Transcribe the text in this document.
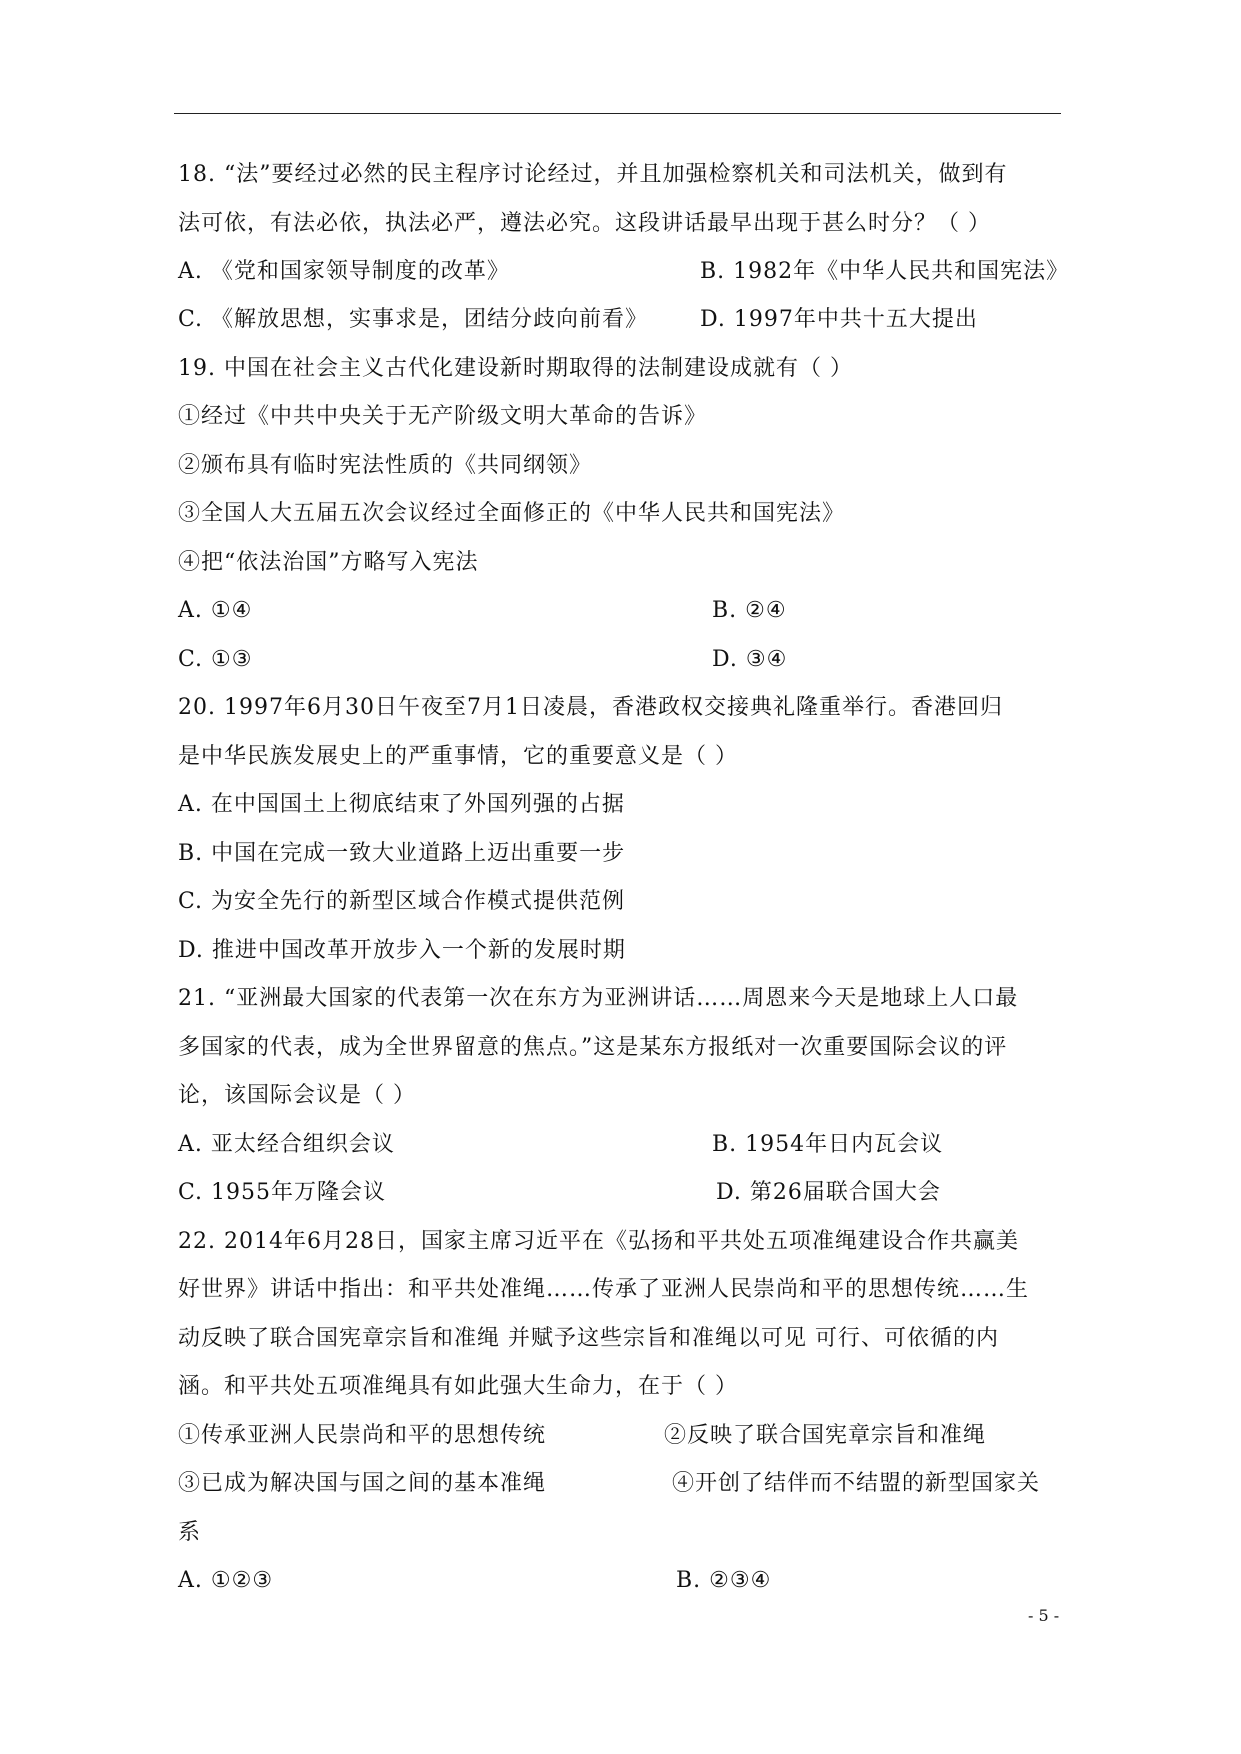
18. “法”要经过必然的民主程序讨论经过，并且加强检察机关和司法机关，做到有
法可依，有法必依，执法必严，遵法必究。这段讲话最早出现于甚么时分？（ ）
A. 《党和国家领导制度的改革》	B. 1982年《中华人民共和国宪法》
C. 《解放思想，实事求是，团结分歧向前看》 D. 1997年中共十五大提出
19. 中国在社会主义古代化建设新时期取得的法制建设成就有（ ）
①经过《中共中央关于无产阶级文明大革命的告诉》
②颁布具有临时宪法性质的《共同纲领》
③全国人大五届五次会议经过全面修正的《中华人民共和国宪法》
④把“依法治国”方略写入宪法
A. ①④	B. ②④
C. ①③	D. ③④
20. 1997年6月30日午夜至7月1日凌晨，香港政权交接典礼隆重举行。香港回归
是中华民族发展史上的严重事情，它的重要意义是（ ）
A. 在中国国土上彻底结束了外国列强的占据
B. 中国在完成一致大业道路上迈出重要一步
C. 为安全先行的新型区域合作模式提供范例
D. 推进中国改革开放步入一个新的发展时期
21. “亚洲最大国家的代表第一次在东方为亚洲讲话……周恩来今天是地球上人口最
多国家的代表，成为全世界留意的焦点。”这是某东方报纸对一次重要国际会议的评
论，该国际会议是（ ）
A. 亚太经合组织会议	B. 1954年日内瓦会议
C. 1955年万隆会议	D. 第26届联合国大会
22. 2014年6月28日，国家主席习近平在《弘扬和平共处五项准绳建设合作共赢美
好世界》讲话中指出：和平共处准绳……传承了亚洲人民崇尚和平的思想传统……生
动反映了联合国宪章宗旨和准绳 并赋予这些宗旨和准绳以可见 可行、可依循的内
涵。和平共处五项准绳具有如此强大生命力，在于（ ）
①传承亚洲人民崇尚和平的思想传统	②反映了联合国宪章宗旨和准绳
③已成为解决国与国之间的基本准绳	④开创了结伴而不结盟的新型国家关
系
A. ①②③	B. ②③④
- 5 -
